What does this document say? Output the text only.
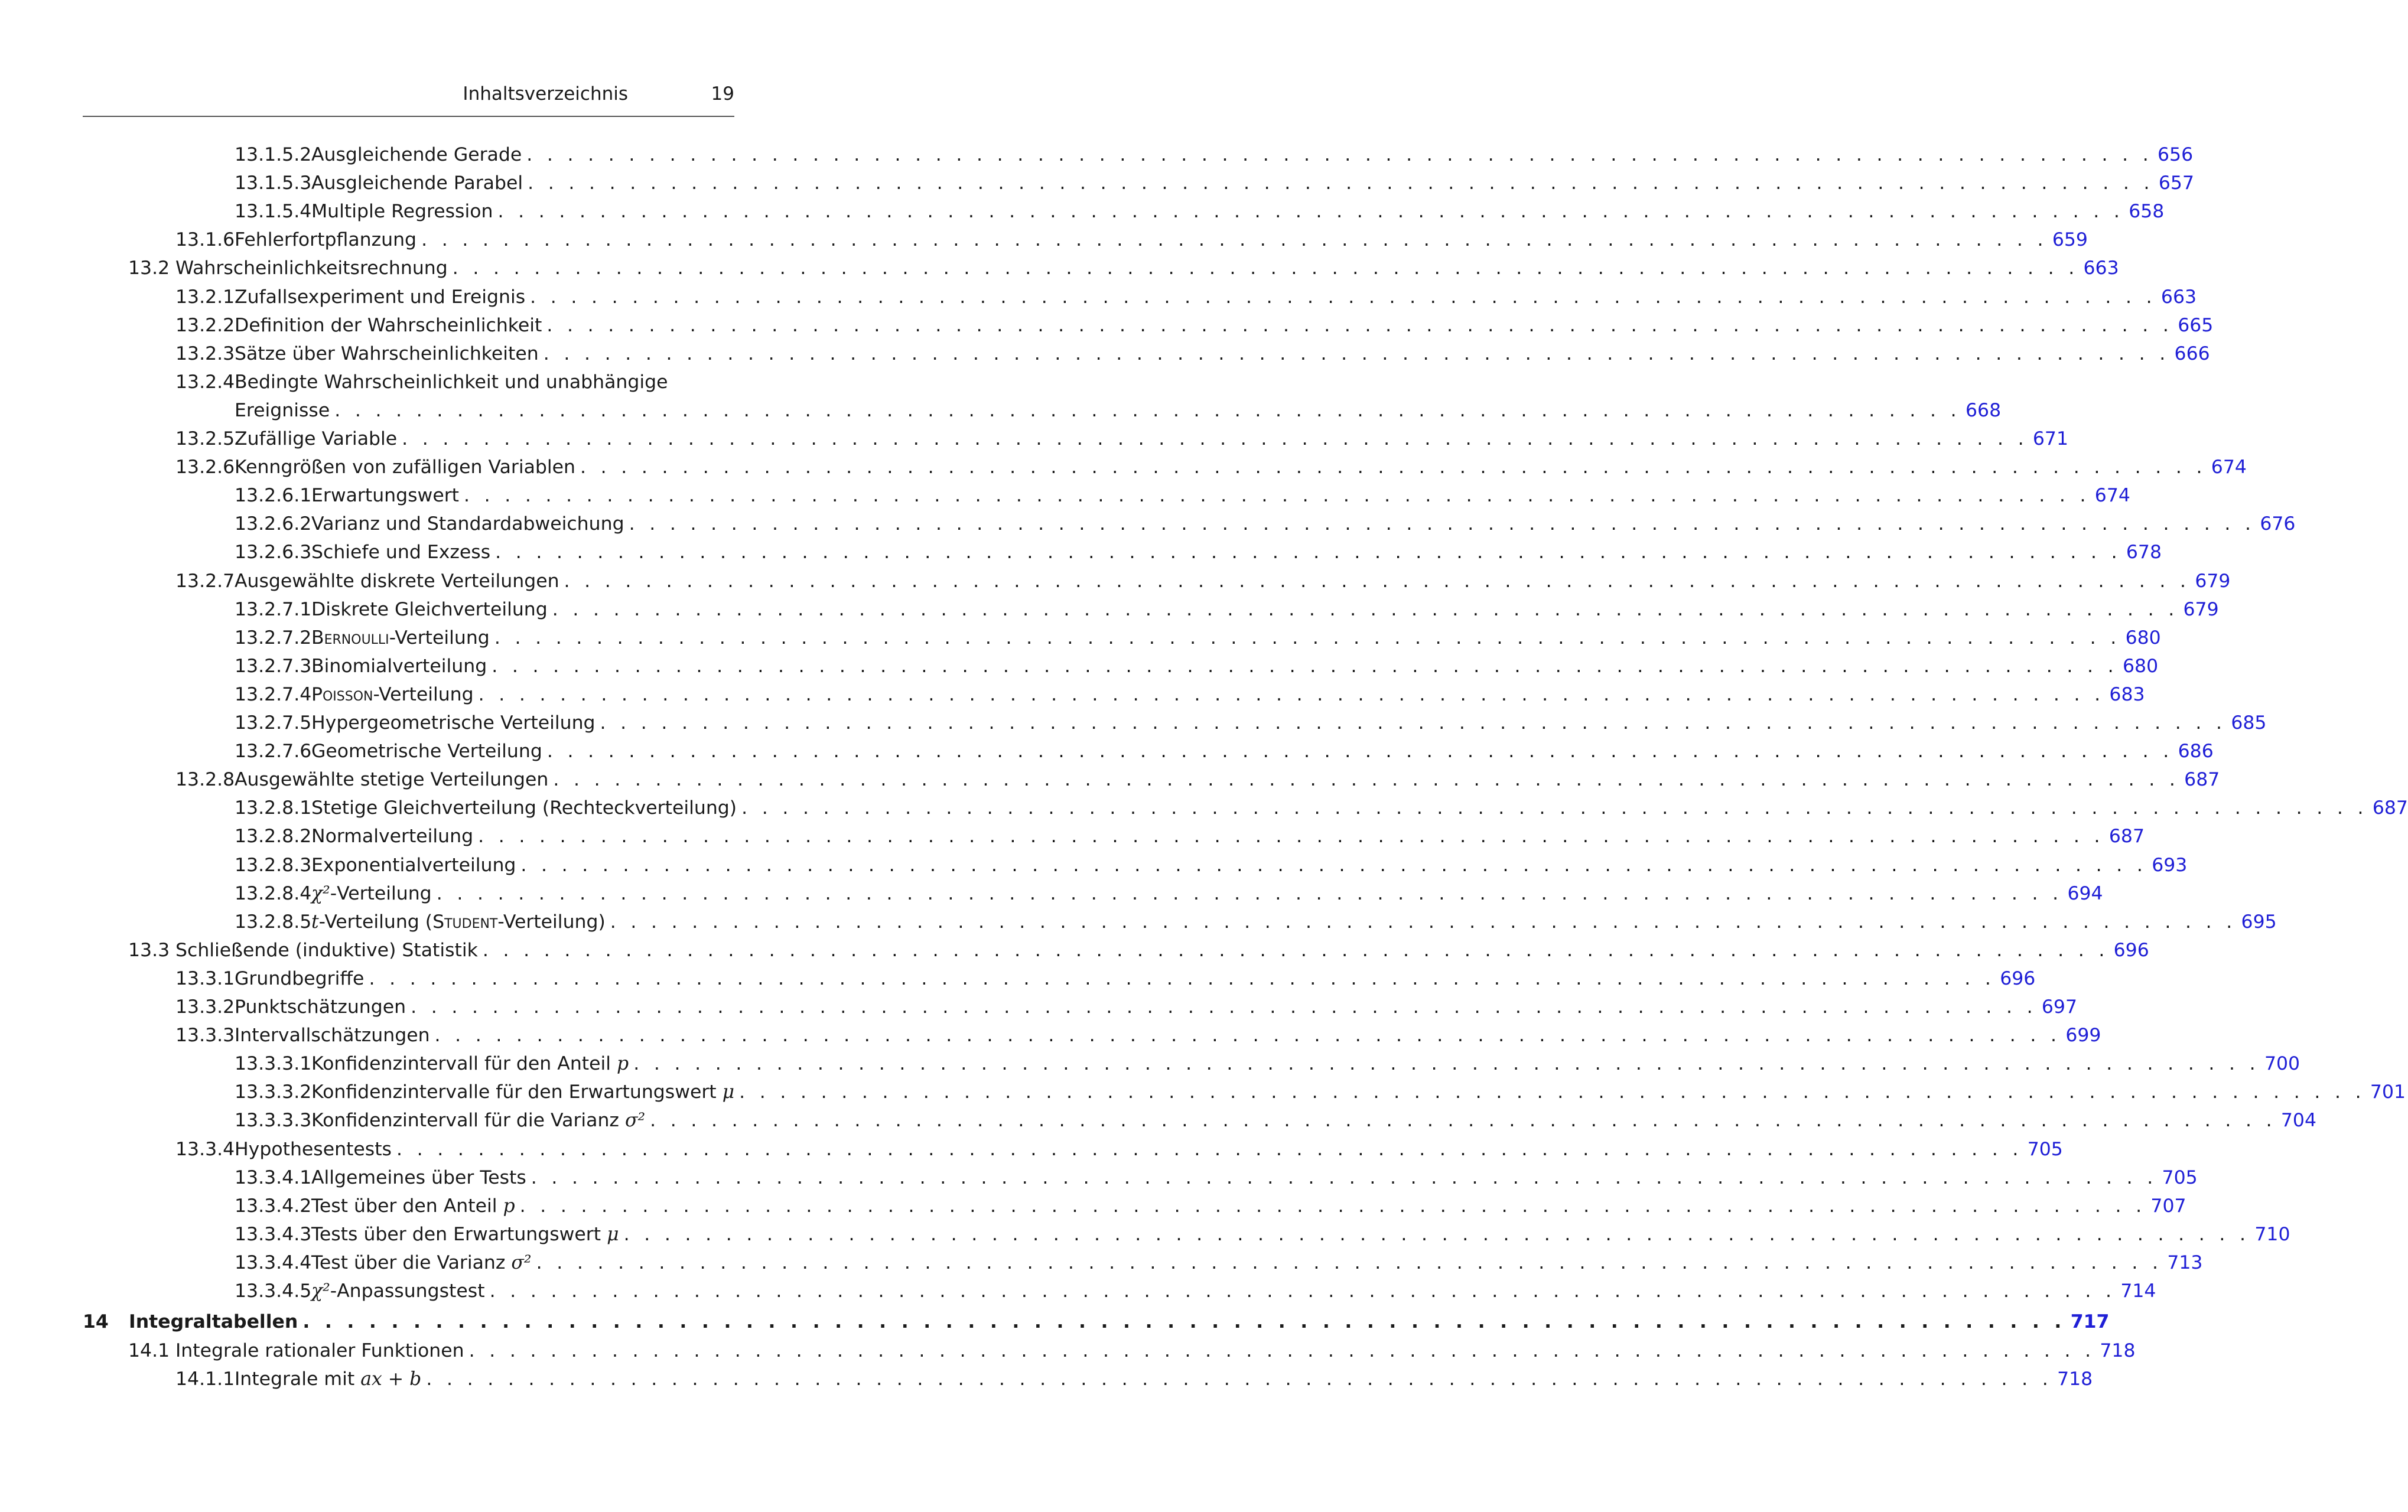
Inhaltsverzeichnis	19
13.1.5.2 Ausgleichende Gerade . . . . . . . . . . . . . . . . . . . . . . . . . . . . . . . . . . . . . . . . . . . . . . . . . . . . . . . . . . . . . . . . . . . . . . . . . . . . . . . . 656
13.1.5.3 Ausgleichende Parabel . . . . . . . . . . . . . . . . . . . . . . . . . . . . . . . . . . . . . . . . . . . . . . . . . . . . . . . . . . . . . . . . . . . . . . . . . . . . . . . . 657
13.1.5.4 Multiple Regression . . . . . . . . . . . . . . . . . . . . . . . . . . . . . . . . . . . . . . . . . . . . . . . . . . . . . . . . . . . . . . . . . . . . . . . . . . . . . . . . 658
13.1.6 Fehlerfortpflanzung . . . . . . . . . . . . . . . . . . . . . . . . . . . . . . . . . . . . . . . . . . . . . . . . . . . . . . . . . . . . . . . . . . . . . . . . . . . . . . . . 659
13.2 Wahrscheinlichkeitsrechnung . . . . . . . . . . . . . . . . . . . . . . . . . . . . . . . . . . . . . . . . . . . . . . . . . . . . . . . . . . . . . . . . . . . . . . . . . . . . . . . . 663
13.2.1 Zufallsexperiment und Ereignis . . . . . . . . . . . . . . . . . . . . . . . . . . . . . . . . . . . . . . . . . . . . . . . . . . . . . . . . . . . . . . . . . . . . . . . . . . . . . . . . 663
13.2.2 Definition der Wahrscheinlichkeit . . . . . . . . . . . . . . . . . . . . . . . . . . . . . . . . . . . . . . . . . . . . . . . . . . . . . . . . . . . . . . . . . . . . . . . . . . . . . . . . 665
13.2.3 Sätze über Wahrscheinlichkeiten . . . . . . . . . . . . . . . . . . . . . . . . . . . . . . . . . . . . . . . . . . . . . . . . . . . . . . . . . . . . . . . . . . . . . . . . . . . . . . . . 666
13.2.4 Bedingte Wahrscheinlichkeit und unabhängige
Ereignisse . . . . . . . . . . . . . . . . . . . . . . . . . . . . . . . . . . . . . . . . . . . . . . . . . . . . . . . . . . . . . . . . . . . . . . . . . . . . . . . . 668
13.2.5 Zufällige Variable . . . . . . . . . . . . . . . . . . . . . . . . . . . . . . . . . . . . . . . . . . . . . . . . . . . . . . . . . . . . . . . . . . . . . . . . . . . . . . . . 671
13.2.6 Kenngrößen von zufälligen Variablen . . . . . . . . . . . . . . . . . . . . . . . . . . . . . . . . . . . . . . . . . . . . . . . . . . . . . . . . . . . . . . . . . . . . . . . . . . . . . . . . 674
13.2.6.1 Erwartungswert . . . . . . . . . . . . . . . . . . . . . . . . . . . . . . . . . . . . . . . . . . . . . . . . . . . . . . . . . . . . . . . . . . . . . . . . . . . . . . . . 674
13.2.6.2 Varianz und Standardabweichung . . . . . . . . . . . . . . . . . . . . . . . . . . . . . . . . . . . . . . . . . . . . . . . . . . . . . . . . . . . . . . . . . . . . . . . . . . . . . . . . 676
13.2.6.3 Schiefe und Exzess . . . . . . . . . . . . . . . . . . . . . . . . . . . . . . . . . . . . . . . . . . . . . . . . . . . . . . . . . . . . . . . . . . . . . . . . . . . . . . . . 678
13.2.7 Ausgewählte diskrete Verteilungen . . . . . . . . . . . . . . . . . . . . . . . . . . . . . . . . . . . . . . . . . . . . . . . . . . . . . . . . . . . . . . . . . . . . . . . . . . . . . . . . 679
13.2.7.1 Diskrete Gleichverteilung . . . . . . . . . . . . . . . . . . . . . . . . . . . . . . . . . . . . . . . . . . . . . . . . . . . . . . . . . . . . . . . . . . . . . . . . . . . . . . . . 679
13.2.7.2 Bernoulli-Verteilung . . . . . . . . . . . . . . . . . . . . . . . . . . . . . . . . . . . . . . . . . . . . . . . . . . . . . . . . . . . . . . . . . . . . . . . . . . . . . . . . 680
13.2.7.3 Binomialverteilung . . . . . . . . . . . . . . . . . . . . . . . . . . . . . . . . . . . . . . . . . . . . . . . . . . . . . . . . . . . . . . . . . . . . . . . . . . . . . . . . 680
13.2.7.4 Poisson-Verteilung . . . . . . . . . . . . . . . . . . . . . . . . . . . . . . . . . . . . . . . . . . . . . . . . . . . . . . . . . . . . . . . . . . . . . . . . . . . . . . . . 683
13.2.7.5 Hypergeometrische Verteilung . . . . . . . . . . . . . . . . . . . . . . . . . . . . . . . . . . . . . . . . . . . . . . . . . . . . . . . . . . . . . . . . . . . . . . . . . . . . . . . . 685
13.2.7.6 Geometrische Verteilung . . . . . . . . . . . . . . . . . . . . . . . . . . . . . . . . . . . . . . . . . . . . . . . . . . . . . . . . . . . . . . . . . . . . . . . . . . . . . . . . 686
13.2.8 Ausgewählte stetige Verteilungen . . . . . . . . . . . . . . . . . . . . . . . . . . . . . . . . . . . . . . . . . . . . . . . . . . . . . . . . . . . . . . . . . . . . . . . . . . . . . . . . 687
13.2.8.1 Stetige Gleichverteilung (Rechteckverteilung) . . . . . . . . . . . . . . . . . . . . . . . . . . . . . . . . . . . . . . . . . . . . . . . . . . . . . . . . . . . . . . . . . . . . . . . . . . . . . . . . 687
13.2.8.2 Normalverteilung . . . . . . . . . . . . . . . . . . . . . . . . . . . . . . . . . . . . . . . . . . . . . . . . . . . . . . . . . . . . . . . . . . . . . . . . . . . . . . . . 687
13.2.8.3 Exponentialverteilung . . . . . . . . . . . . . . . . . . . . . . . . . . . . . . . . . . . . . . . . . . . . . . . . . . . . . . . . . . . . . . . . . . . . . . . . . . . . . . . . 693
13.2.8.4 χ²-Verteilung . . . . . . . . . . . . . . . . . . . . . . . . . . . . . . . . . . . . . . . . . . . . . . . . . . . . . . . . . . . . . . . . . . . . . . . . . . . . . . . . 694
13.2.8.5 t-Verteilung (Student-Verteilung) . . . . . . . . . . . . . . . . . . . . . . . . . . . . . . . . . . . . . . . . . . . . . . . . . . . . . . . . . . . . . . . . . . . . . . . . . . . . . . . . 695
13.3 Schließende (induktive) Statistik . . . . . . . . . . . . . . . . . . . . . . . . . . . . . . . . . . . . . . . . . . . . . . . . . . . . . . . . . . . . . . . . . . . . . . . . . . . . . . . . 696
13.3.1 Grundbegriffe . . . . . . . . . . . . . . . . . . . . . . . . . . . . . . . . . . . . . . . . . . . . . . . . . . . . . . . . . . . . . . . . . . . . . . . . . . . . . . . . 696
13.3.2 Punktschätzungen . . . . . . . . . . . . . . . . . . . . . . . . . . . . . . . . . . . . . . . . . . . . . . . . . . . . . . . . . . . . . . . . . . . . . . . . . . . . . . . . 697
13.3.3 Intervallschätzungen . . . . . . . . . . . . . . . . . . . . . . . . . . . . . . . . . . . . . . . . . . . . . . . . . . . . . . . . . . . . . . . . . . . . . . . . . . . . . . . . 699
13.3.3.1 Konfidenzintervall für den Anteil p . . . . . . . . . . . . . . . . . . . . . . . . . . . . . . . . . . . . . . . . . . . . . . . . . . . . . . . . . . . . . . . . . . . . . . . . . . . . . . . . 700
13.3.3.2 Konfidenzintervalle für den Erwartungswert μ . . . . . . . . . . . . . . . . . . . . . . . . . . . . . . . . . . . . . . . . . . . . . . . . . . . . . . . . . . . . . . . . . . . . . . . . . . . . . . . . 701
13.3.3.3 Konfidenzintervall für die Varianz σ² . . . . . . . . . . . . . . . . . . . . . . . . . . . . . . . . . . . . . . . . . . . . . . . . . . . . . . . . . . . . . . . . . . . . . . . . . . . . . . . . 704
13.3.4 Hypothesentests . . . . . . . . . . . . . . . . . . . . . . . . . . . . . . . . . . . . . . . . . . . . . . . . . . . . . . . . . . . . . . . . . . . . . . . . . . . . . . . . 705
13.3.4.1 Allgemeines über Tests . . . . . . . . . . . . . . . . . . . . . . . . . . . . . . . . . . . . . . . . . . . . . . . . . . . . . . . . . . . . . . . . . . . . . . . . . . . . . . . . 705
13.3.4.2 Test über den Anteil p . . . . . . . . . . . . . . . . . . . . . . . . . . . . . . . . . . . . . . . . . . . . . . . . . . . . . . . . . . . . . . . . . . . . . . . . . . . . . . . . 707
13.3.4.3 Tests über den Erwartungswert μ . . . . . . . . . . . . . . . . . . . . . . . . . . . . . . . . . . . . . . . . . . . . . . . . . . . . . . . . . . . . . . . . . . . . . . . . . . . . . . . . 710
13.3.4.4 Test über die Varianz σ² . . . . . . . . . . . . . . . . . . . . . . . . . . . . . . . . . . . . . . . . . . . . . . . . . . . . . . . . . . . . . . . . . . . . . . . . . . . . . . . . 713
13.3.4.5 χ²-Anpassungstest . . . . . . . . . . . . . . . . . . . . . . . . . . . . . . . . . . . . . . . . . . . . . . . . . . . . . . . . . . . . . . . . . . . . . . . . . . . . . . . . 714
14 Integraltabellen . . . . . . . . . . . . . . . . . . . . . . . . . . . . . . . . . . . . . . . . . . . . . . . . . . . . . . . . . . . . . . . . . . . . . . . . . . . . . . . . 717
14.1 Integrale rationaler Funktionen . . . . . . . . . . . . . . . . . . . . . . . . . . . . . . . . . . . . . . . . . . . . . . . . . . . . . . . . . . . . . . . . . . . . . . . . . . . . . . . . 718
14.1.1 Integrale mit ax + b . . . . . . . . . . . . . . . . . . . . . . . . . . . . . . . . . . . . . . . . . . . . . . . . . . . . . . . . . . . . . . . . . . . . . . . . . . . . . . . . 718
